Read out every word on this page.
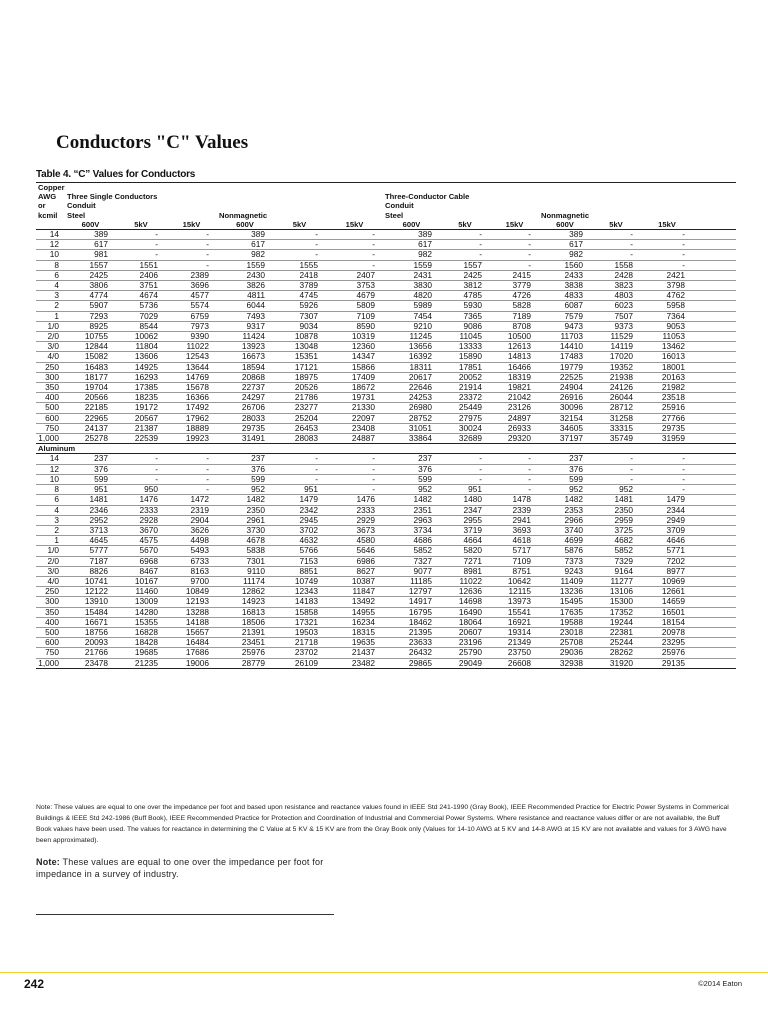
Conductors "C" Values
Table 4. “C” Values for Conductors
Copper													
AWG	Three Single Conductors						Three-Conductor Cable						
or	Conduit						Conduit						
kcmil	Steel			Nonmagnetic			Steel			Nonmagnetic			
	600V	5kV	15kV	600V	5kV	15kV	600V	5kV	15kV	600V	5kV	15kV	
14	389	-	-	389	-	-	389	-	-	389	-	-	
12	617	-	-	617	-	-	617	-	-	617	-	-	
10	981	-	-	982	-	-	982	-	-	982	-	-	
8	1557	1551	-	1559	1555	-	1559	1557	-	1560	1558	-	
6	2425	2406	2389	2430	2418	2407	2431	2425	2415	2433	2428	2421	
4	3806	3751	3696	3826	3789	3753	3830	3812	3779	3838	3823	3798	
3	4774	4674	4577	4811	4745	4679	4820	4785	4726	4833	4803	4762	
2	5907	5736	5574	6044	5926	5809	5989	5930	5828	6087	6023	5958	
1	7293	7029	6759	7493	7307	7109	7454	7365	7189	7579	7507	7364	
1/0	8925	8544	7973	9317	9034	8590	9210	9086	8708	9473	9373	9053	
2/0	10755	10062	9390	11424	10878	10319	11245	11045	10500	11703	11529	11053	
3/0	12844	11804	11022	13923	13048	12360	13656	13333	12613	14410	14119	13462	
4/0	15082	13606	12543	16673	15351	14347	16392	15890	14813	17483	17020	16013	
250	16483	14925	13644	18594	17121	15866	18311	17851	16466	19779	19352	18001	
300	18177	16293	14769	20868	18975	17409	20617	20052	18319	22525	21938	20163	
350	19704	17385	15678	22737	20526	18672	22646	21914	19821	24904	24126	21982	
400	20566	18235	16366	24297	21786	19731	24253	23372	21042	26916	26044	23518	
500	22185	19172	17492	26706	23277	21330	26980	25449	23126	30096	28712	25916	
600	22965	20567	17962	28033	25204	22097	28752	27975	24897	32154	31258	27766	
750	24137	21387	18889	29735	26453	23408	31051	30024	26933	34605	33315	29735	
1,000	25278	22539	19923	31491	28083	24887	33864	32689	29320	37197	35749	31959	
Aluminum													
14	237	-	-	237	-	-	237	-	-	237	-	-	
12	376	-	-	376	-	-	376	-	-	376	-	-	
10	599	-	-	599	-	-	599	-	-	599	-	-	
8	951	950	-	952	951	-	952	951	-	952	952	-	
6	1481	1476	1472	1482	1479	1476	1482	1480	1478	1482	1481	1479	
4	2346	2333	2319	2350	2342	2333	2351	2347	2339	2353	2350	2344	
3	2952	2928	2904	2961	2945	2929	2963	2955	2941	2966	2959	2949	
2	3713	3670	3626	3730	3702	3673	3734	3719	3693	3740	3725	3709	
1	4645	4575	4498	4678	4632	4580	4686	4664	4618	4699	4682	4646	
1/0	5777	5670	5493	5838	5766	5646	5852	5820	5717	5876	5852	5771	
2/0	7187	6968	6733	7301	7153	6986	7327	7271	7109	7373	7329	7202	
3/0	8826	8467	8163	9110	8851	8627	9077	8981	8751	9243	9164	8977	
4/0	10741	10167	9700	11174	10749	10387	11185	11022	10642	11409	11277	10969	
250	12122	11460	10849	12862	12343	11847	12797	12636	12115	13236	13106	12661	
300	13910	13009	12193	14923	14183	13492	14917	14698	13973	15495	15300	14659	
350	15484	14280	13288	16813	15858	14955	16795	16490	15541	17635	17352	16501	
400	16671	15355	14188	18506	17321	16234	18462	18064	16921	19588	19244	18154	
500	18756	16828	15657	21391	19503	18315	21395	20607	19314	23018	22381	20978	
600	20093	18428	16484	23451	21718	19635	23633	23196	21349	25708	25244	23295	
750	21766	19685	17686	25976	23702	21437	26432	25790	23750	29036	28262	25976	
1,000	23478	21235	19006	28779	26109	23482	29865	29049	26608	32938	31920	29135	
Note: These values are equal to one over the impedance per foot and based upon resistance and reactance values found in IEEE Std 241-1990 (Gray Book), IEEE Recommended Practice for Electric Power Systems in Commerical Buildings & IEEE Std 242-1986 (Buff Book), IEEE Recommended Practice for Protection and Coordination of Industrial and Commercial Power Systems. Where resistance and reactance values differ or are not available, the Buff Book values have been used. The values for reactance in determining the C Value at 5 KV & 15 KV are from the Gray Book only (Values for 14-10 AWG at 5 KV and 14-8 AWG at 15 KV are not available and values for 3 AWG have been approximated).
Note: These values are equal to one over the impedance per foot for impedance in a survey of industry.
242	©2014 Eaton
